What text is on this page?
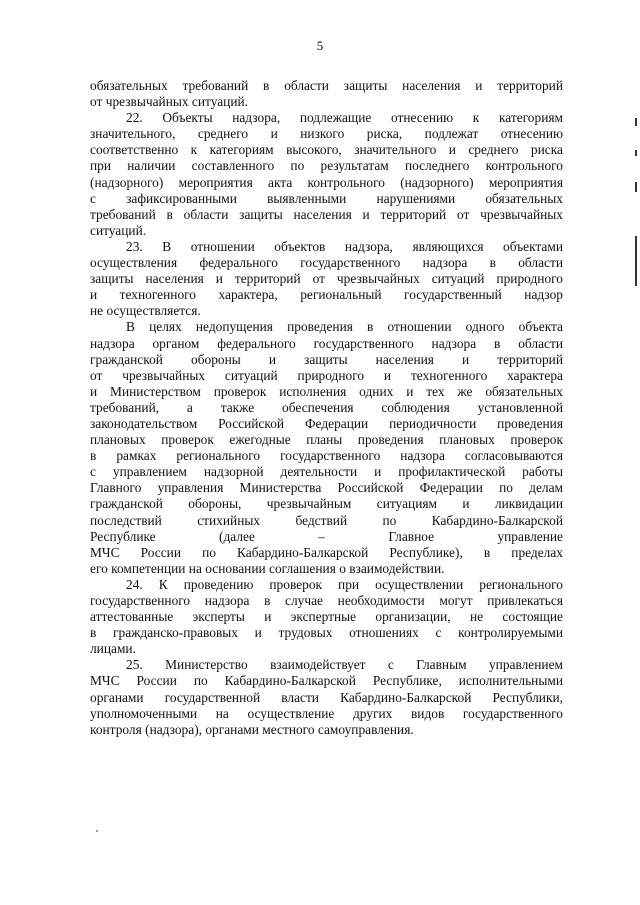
5

обязательных требований в области защиты населения и территорий
от чрезвычайных ситуаций.

22. Объекты надзора, подлежащие отнесению к категориям
значительного, среднего и низкого риска, подлежат отнесению
соответственно к категориям высокого, значительного и среднего риска
при наличии составленного по результатам последнего контрольного
(надзорного) мероприятия акта контрольного (надзорного) мероприятия
с зафиксированными выявленными нарушениями обязательных
требований в области защиты населения и территорий от чрезвычайных
ситуаций.

23. В отношении объектов надзора, являющихся объектами
осуществления федерального государственного надзора в области
защиты населения и территорий от чрезвычайных ситуаций природного
и техногенного характера, региональный государственный надзор
не осуществляется.

В целях недопущения проведения в отношении одного объекта
надзора органом федерального государственного надзора в области
гражданской обороны и защиты населения и территорий
от чрезвычайных ситуаций природного и техногенного характера
и Министерством проверок исполнения одних и тех же обязательных
требований, а также обеспечения соблюдения установленной
законодательством Российской Федерации периодичности проведения
плановых проверок ежегодные планы проведения плановых проверок
в рамках регионального государственного надзора согласовываются
с управлением надзорной деятельности и профилактической работы
Главного управления Министерства Российской Федерации по делам
гражданской обороны, чрезвычайным ситуациям и ликвидации
последствий стихийных бедствий по Кабардино-Балкарской
Республике (далее – Главное управление
МЧС России по Кабардино-Балкарской Республике), в пределах
его компетенции на основании соглашения о взаимодействии.

24. К проведению проверок при осуществлении регионального
государственного надзора в случае необходимости могут привлекаться
аттестованные эксперты и экспертные организации, не состоящие
в гражданско-правовых и трудовых отношениях с контролируемыми
лицами.

25. Министерство взаимодействует с Главным управлением
МЧС России по Кабардино-Балкарской Республике, исполнительными
органами государственной власти Кабардино-Балкарской Республики,
уполномоченными на осуществление других видов государственного
контроля (надзора), органами местного самоуправления.
